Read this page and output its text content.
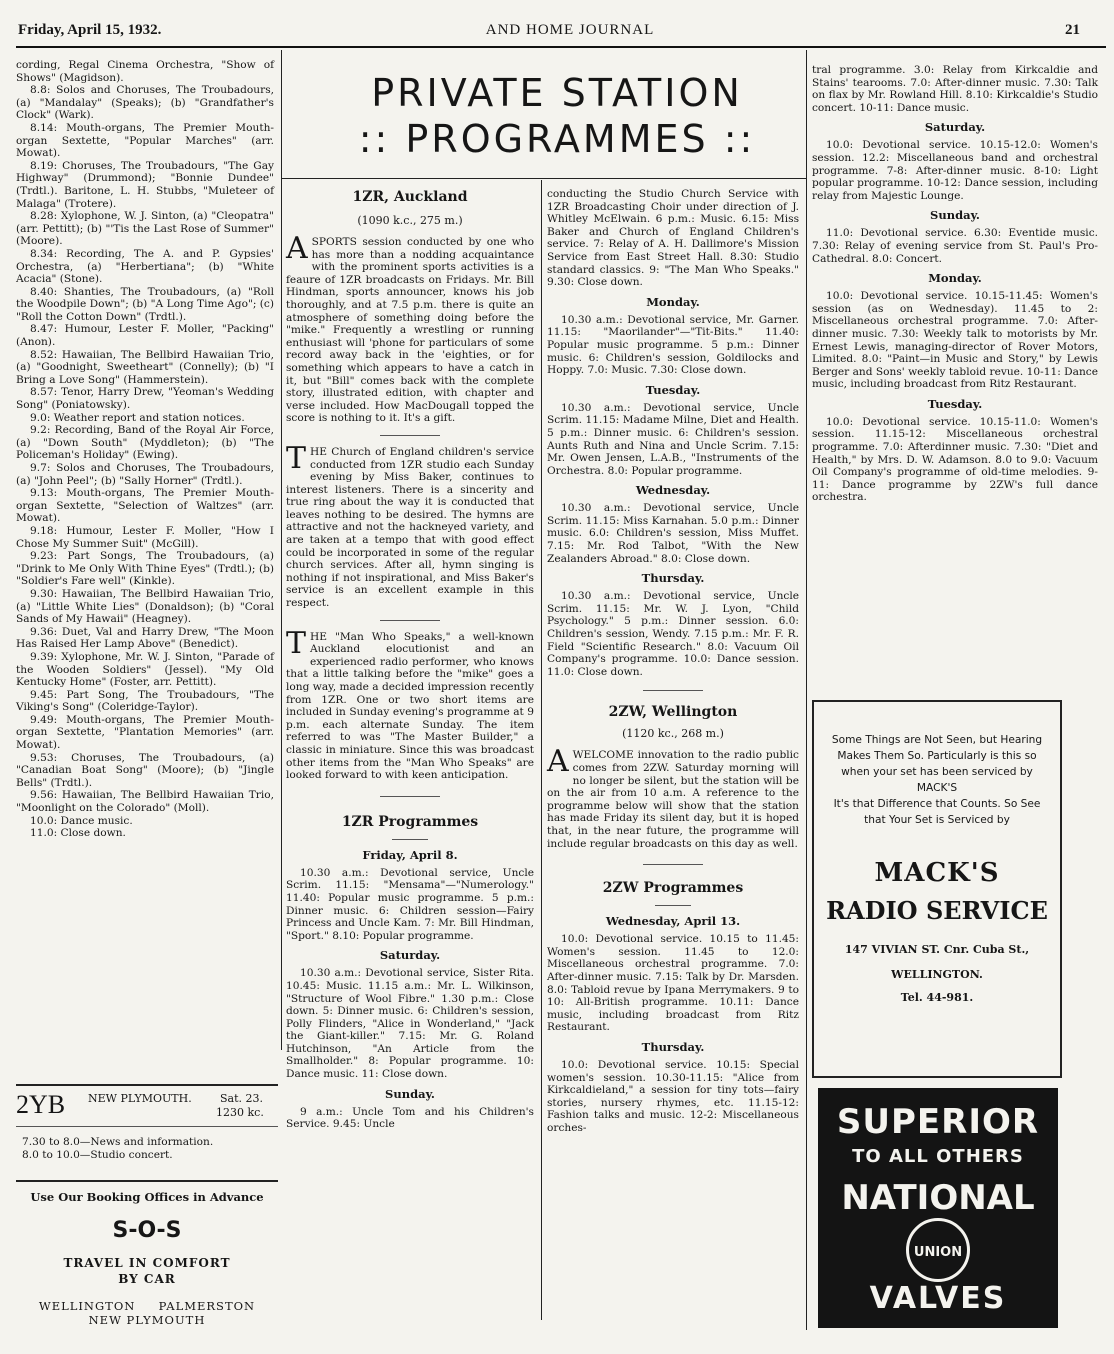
Friday, April 15, 1932.	AND HOME JOURNAL	21
PRIVATE STATION
:: PROGRAMMES ::

cording, Regal Cinema Orchestra, "Show of Shows" (Magidson).

8.8: Solos and Choruses, The Troubadours, (a) "Mandalay" (Speaks); (b) "Grandfather's Clock" (Wark).

8.14: Mouth-organs, The Premier Mouth-organ Sextette, "Popular Marches" (arr. Mowat).

8.19: Choruses, The Troubadours, "The Gay Highway" (Drummond); "Bonnie Dundee" (Trdtl.). Baritone, L. H. Stubbs, "Muleteer of Malaga" (Trotere).

8.28: Xylophone, W. J. Sinton, (a) "Cleopatra" (arr. Pettitt); (b) "'Tis the Last Rose of Summer" (Moore).

8.34: Recording, The A. and P. Gypsies' Orchestra, (a) "Herbertiana"; (b) "White Acacia" (Stone).

8.40: Shanties, The Troubadours, (a) "Roll the Woodpile Down"; (b) "A Long Time Ago"; (c) "Roll the Cotton Down" (Trdtl.).

8.47: Humour, Lester F. Moller, "Packing" (Anon).

8.52: Hawaiian, The Bellbird Hawaiian Trio, (a) "Goodnight, Sweetheart" (Connelly); (b) "I Bring a Love Song" (Hammerstein).

8.57: Tenor, Harry Drew, "Yeoman's Wedding Song" (Poniatowsky).

9.0: Weather report and station notices.

9.2: Recording, Band of the Royal Air Force, (a) "Down South" (Myddleton); (b) "The Policeman's Holiday" (Ewing).

9.7: Solos and Choruses, The Troubadours, (a) "John Peel"; (b) "Sally Horner" (Trdtl.).

9.13: Mouth-organs, The Premier Mouth-organ Sextette, "Selection of Waltzes" (arr. Mowat).

9.18: Humour, Lester F. Moller, "How I Chose My Summer Suit" (McGill).

9.23: Part Songs, The Troubadours, (a) "Drink to Me Only With Thine Eyes" (Trdtl.); (b) "Soldier's Fare well" (Kinkle).

9.30: Hawaiian, The Bellbird Hawaiian Trio, (a) "Little White Lies" (Donaldson); (b) "Coral Sands of My Hawaii" (Heagney).

9.36: Duet, Val and Harry Drew, "The Moon Has Raised Her Lamp Above" (Benedict).

9.39: Xylophone, Mr. W. J. Sinton, "Parade of the Wooden Soldiers" (Jessel). "My Old Kentucky Home" (Foster, arr. Pettitt).

9.45: Part Song, The Troubadours, "The Viking's Song" (Coleridge-Taylor).

9.49: Mouth-organs, The Premier Mouth-organ Sextette, "Plantation Memories" (arr. Mowat).

9.53: Choruses, The Troubadours, (a) "Canadian Boat Song" (Moore); (b) "Jingle Bells" (Trdtl.).

9.56: Hawaiian, The Bellbird Hawaiian Trio, "Moonlight on the Colorado" (Moll).

10.0: Dance music.

11.0: Close down.

2YB NEW PLYMOUTH.	Sat. 23.
1230 kc.

7.30 to 8.0—News and information.

8.0 to 10.0—Studio concert.

Use Our Booking Offices in Advance
S-O-S
TRAVEL IN COMFORT BY CAR
WELLINGTON     PALMERSTON
NEW PLYMOUTH
1ZR, Auckland
(1090 k.c., 275 m.)

ASPORTS session conducted by one who has more than a nodding acquaintance with the prominent sports activities is a feaure of 1ZR broadcasts on Fridays. Mr. Bill Hindman, sports announcer, knows his job thoroughly, and at 7.5 p.m. there is quite an atmosphere of something doing before the "mike." Frequently a wrestling or running enthusiast will 'phone for particulars of some record away back in the 'eighties, or for something which appears to have a catch in it, but "Bill" comes back with the complete story, illustrated edition, with chapter and verse included. How MacDougall topped the score is nothing to it. It's a gift.

THE Church of England children's service conducted from 1ZR studio each Sunday evening by Miss Baker, continues to interest listeners. There is a sincerity and true ring about the way it is conducted that leaves nothing to be desired. The hymns are attractive and not the hackneyed variety, and are taken at a tempo that with good effect could be incorporated in some of the regular church services. After all, hymn singing is nothing if not inspirational, and Miss Baker's service is an excellent example in this respect.

THE "Man Who Speaks," a well-known Auckland elocutionist and an experienced radio performer, who knows that a little talking before the "mike" goes a long way, made a decided impression recently from 1ZR. One or two short items are included in Sunday evening's programme at 9 p.m. each alternate Sunday. The item referred to was "The Master Builder," a classic in miniature. Since this was broadcast other items from the "Man Who Speaks" are looked forward to with keen anticipation.

1ZR Programmes
Friday, April 8.

10.30 a.m.: Devotional service, Uncle Scrim. 11.15: "Mensama"—"Numerology." 11.40: Popular music programme. 5 p.m.: Dinner music. 6: Children session—Fairy Princess and Uncle Kam. 7: Mr. Bill Hindman, "Sport." 8.10: Popular programme.

Saturday.

10.30 a.m.: Devotional service, Sister Rita. 10.45: Music. 11.15 a.m.: Mr. L. Wilkinson, "Structure of Wool Fibre." 1.30 p.m.: Close down. 5: Dinner music. 6: Children's session, Polly Flinders, "Alice in Wonderland," "Jack the Giant-killer." 7.15: Mr. G. Roland Hutchinson, "An Article from the Smallholder." 8: Popular programme. 10: Dance music. 11: Close down.

Sunday.

9 a.m.: Uncle Tom and his Children's Service. 9.45: Uncle

conducting the Studio Church Service with 1ZR Broadcasting Choir under direction of J. Whitley McElwain. 6 p.m.: Music. 6.15: Miss Baker and Church of England Children's service. 7: Relay of A. H. Dallimore's Mission Service from East Street Hall. 8.30: Studio standard classics. 9: "The Man Who Speaks." 9.30: Close down.

Monday.

10.30 a.m.: Devotional service, Mr. Garner. 11.15: "Maorilander"—"Tit-Bits." 11.40: Popular music programme. 5 p.m.: Dinner music. 6: Children's session, Goldilocks and Hoppy. 7.0: Music. 7.30: Close down.

Tuesday.

10.30 a.m.: Devotional service, Uncle Scrim. 11.15: Madame Milne, Diet and Health. 5 p.m.: Dinner music. 6: Children's session. Aunts Ruth and Nina and Uncle Scrim. 7.15: Mr. Owen Jensen, L.A.B., "Instruments of the Orchestra. 8.0: Popular programme.

Wednesday.

10.30 a.m.: Devotional service, Uncle Scrim. 11.15: Miss Karnahan. 5.0 p.m.: Dinner music. 6.0: Children's session, Miss Muffet. 7.15: Mr. Rod Talbot, "With the New Zealanders Abroad." 8.0: Close down.

Thursday.

10.30 a.m.: Devotional service, Uncle Scrim. 11.15: Mr. W. J. Lyon, "Child Psychology." 5 p.m.: Dinner session. 6.0: Children's session, Wendy. 7.15 p.m.: Mr. F. R. Field "Scientific Research." 8.0: Vacuum Oil Company's programme. 10.0: Dance session. 11.0: Close down.

2ZW, Wellington
(1120 kc., 268 m.)

AWELCOME innovation to the radio public comes from 2ZW. Saturday morning will no longer be silent, but the station will be on the air from 10 a.m. A reference to the programme below will show that the station has made Friday its silent day, but it is hoped that, in the near future, the programme will include regular broadcasts on this day as well.

2ZW Programmes
Wednesday, April 13.

10.0: Devotional service. 10.15 to 11.45: Women's session. 11.45 to 12.0: Miscellaneous orchestral programme. 7.0: After-dinner music. 7.15: Talk by Dr. Marsden. 8.0: Tabloid revue by Ipana Merrymakers. 9 to 10: All-British programme. 10.11: Dance music, including broadcast from Ritz Restaurant.

Thursday.

10.0: Devotional service. 10.15: Special women's session. 10.30-11.15: "Alice from Kirkcaldieland," a session for tiny tots—fairy stories, nursery rhymes, etc. 11.15-12: Fashion talks and music. 12-2: Miscellaneous orches-

tral programme. 3.0: Relay from Kirkcaldie and Stains' tearooms. 7.0: After-dinner music. 7.30: Talk on flax by Mr. Rowland Hill. 8.10: Kirkcaldie's Studio concert. 10-11: Dance music.

Saturday.

10.0: Devotional service. 10.15-12.0: Women's session. 12.2: Miscellaneous band and orchestral programme. 7-8: After-dinner music. 8-10: Light popular programme. 10-12: Dance session, including relay from Majestic Lounge.

Sunday.

11.0: Devotional service. 6.30: Eventide music. 7.30: Relay of evening service from St. Paul's Pro-Cathedral. 8.0: Concert.

Monday.

10.0: Devotional service. 10.15-11.45: Women's session (as on Wednesday). 11.45 to 2: Miscellaneous orchestral programme. 7.0: After-dinner music. 7.30: Weekly talk to motorists by Mr. Ernest Lewis, managing-director of Rover Motors, Limited. 8.0: "Paint—in Music and Story," by Lewis Berger and Sons' weekly tabloid revue. 10-11: Dance music, including broadcast from Ritz Restaurant.

Tuesday.

10.0: Devotional service. 10.15-11.0: Women's session. 11.15-12: Miscellaneous orchestral programme. 7.0: Afterdinner music. 7.30: "Diet and Health," by Mrs. D. W. Adamson. 8.0 to 9.0: Vacuum Oil Company's programme of old-time melodies. 9-11: Dance programme by 2ZW's full dance orchestra.

Some Things are Not Seen, but Hearing Makes Them So. Particularly is this so when your set has been serviced by
MACK'S
It's that Difference that Counts. So See that Your Set is Serviced by
MACK'S
RADIO SERVICE
147 VIVIAN ST. Cnr. Cuba St.,
WELLINGTON.
Tel. 44-981.
SUPERIOR
TO ALL OTHERS
NATIONAL
UNION
VALVES
